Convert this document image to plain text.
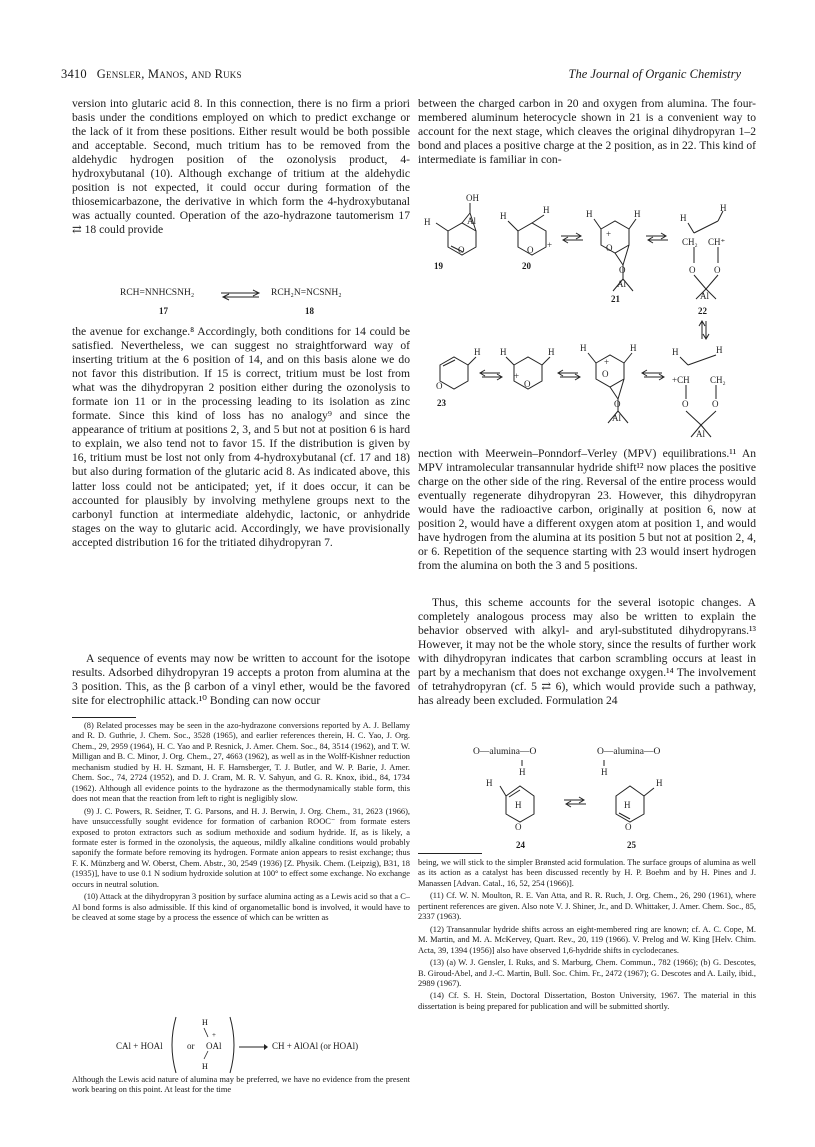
3410 Gensler, Manos, and Ruks	The Journal of Organic Chemistry

version into glutaric acid 8. In this connection, there is no firm a priori basis under the conditions employed on which to predict exchange or the lack of it from these positions. Either result would be both possible and acceptable. Second, much tritium has to be removed from the aldehydic hydrogen position of the ozonolysis product, 4-hydroxybutanal (10). Although exchange of tritium at the aldehydic position is not expected, it could occur during formation of the thiosemicarbazone, the derivative in which form the 4-hydroxybutanal was actually counted. Operation of the azo-hydrazone tautomerism 17 ⇄ 18 could provide

RCH=NNHCSNH₂ ⇌ RCH₂N=NCSNH₂
17	18

the avenue for exchange.⁸ Accordingly, both conditions for 14 could be satisfied. Nevertheless, we can suggest no straightforward way of inserting tritium at the 6 position of 14, and on this basis alone we do not favor this distribution. If 15 is correct, tritium must be lost from what was the dihydropyran 2 position either during the ozonolysis to formate ion 11 or in the processing leading to its isolation as zinc formate. Since this kind of loss has no analogy⁹ and since the appearance of tritium at positions 2, 3, and 5 but not at position 6 is hard to explain, we also tend not to favor 15. If the distribution is given by 16, tritium must be lost not only from 4-hydroxybutanal (cf. 17 and 18) but also during formation of the glutaric acid 8. As indicated above, this latter loss could not be anticipated; yet, if it does occur, it can be accounted for plausibly by involving methylene groups next to the carbonyl function at intermediate aldehydic, lactonic, or anhydride stages on the way to glutaric acid. Accordingly, we have provisionally accepted distribution 16 for the tritiated dihydropyran 7.

A sequence of events may now be written to account for the isotope results. Adsorbed dihydropyran 19 accepts a proton from alumina at the 3 position. This, as the β carbon of a vinyl ether, would be the favored site for electrophilic attack.¹⁰ Bonding can now occur

(8) Related processes may be seen in the azo-hydrazone conversions reported by A. J. Bellamy and R. D. Guthrie, J. Chem. Soc., 3528 (1965), and earlier references therein, H. C. Yao, J. Org. Chem., 29, 2959 (1964), H. C. Yao and P. Resnick, J. Amer. Chem. Soc., 84, 3514 (1962), and T. W. Milligan and B. C. Minor, J. Org. Chem., 27, 4663 (1962), as well as in the Wolff-Kishner reduction mechanism studied by H. H. Szmant, H. F. Harnsberger, T. J. Butler, and W. P. Barie, J. Amer. Chem. Soc., 74, 2724 (1952), and D. J. Cram, M. R. V. Sahyun, and G. R. Knox, ibid., 84, 1734 (1962). Although all evidence points to the hydrazone as the thermodynamically stable form, this does not mean that the reaction from left to right is negligibly slow.

(9) J. C. Powers, R. Seidner, T. G. Parsons, and H. J. Berwin, J. Org. Chem., 31, 2623 (1966), have unsuccessfully sought evidence for formation of carbanion ROOC⁻ from formate esters exposed to proton extractors such as sodium methoxide and sodium hydride. If, as is likely, a formate ester is formed in the ozonolysis, the aqueous, mildly alkaline conditions would probably saponify the formate before removing its hydrogen. Formate anion appears to resist exchange; thus F. K. Münzberg and W. Oberst, Chem. Abstr., 30, 2549 (1936) [Z. Physik. Chem. (Leipzig), B31, 18 (1935)], have to use 0.1 N sodium hydroxide solution at 100° to effect some exchange. No exchange occurs in neutral solution.

(10) Attack at the dihydropyran 3 position by surface alumina acting as a Lewis acid so that a C–Al bond forms is also admissible. If this kind of organometallic bond is involved, it would have to be cleaved at some stage by a process the essence of which can be written as

CAl + HOAl
H
+
H
or OAl → CH + AlOAl (or HOAl)

Although the Lewis acid nature of alumina may be preferred, we have no evidence from the present work bearing on this point. At least for the time

between the charged carbon in 20 and oxygen from alumina. The four-membered aluminum heterocycle shown in 21 is a convenient way to account for the next stage, which cleaves the original dihydropyran 1–2 bond and places a positive charge at the 2 position, as in 22. This kind of intermediate is familiar in con-

H
O
Al
OH
H
H
O +
H	H
O
+
O
Al
H
H
CH₂ CH⁺
O O
Al
O
H H	H
+
O
H	H
O
+
O
Al
H	H
+CH CH₂
O	O
Al
19	20
21
22
23

nection with Meerwein–Ponndorf–Verley (MPV) equilibrations.¹¹ An MPV intramolecular transannular hydride shift¹² now places the positive charge on the other side of the ring. Reversal of the entire process would eventually regenerate dihydropyran 23. However, this dihydropyran would have the radioactive carbon, originally at position 6, now at position 2, would have a different oxygen atom at position 1, and would have hydrogen from the alumina at its position 5 but not at position 2, 4, or 6. Repetition of the sequence starting with 23 would insert hydrogen from the alumina on both the 3 and 5 positions.

Thus, this scheme accounts for the several isotopic changes. A completely analogous process may also be written to explain the behavior observed with alkyl- and aryl-substituted dihydropyrans.¹³ However, it may not be the whole story, since the results of further work with dihydropyran indicates that carbon scrambling occurs at least in part by a mechanism that does not exchange oxygen.¹⁴ The involvement of tetrahydropyran (cf. 5 ⇄ 6), which would provide such a pathway, has already been excluded. Formulation 24

O—alumina—O	O—alumina—O
H
H
H
O
H
H
H
O
24	25

being, we will stick to the simpler Brønsted acid formulation. The surface groups of alumina as well as its action as a catalyst has been discussed recently by H. P. Boehm and by H. Pines and J. Manassen [Advan. Catal., 16, 52, 254 (1966)].

(11) Cf. W. N. Moulton, R. E. Van Atta, and R. R. Ruch, J. Org. Chem., 26, 290 (1961), where pertinent references are given. Also note V. J. Shiner, Jr., and D. Whittaker, J. Amer. Chem. Soc., 85, 2337 (1963).

(12) Transannular hydride shifts across an eight-membered ring are known; cf. A. C. Cope, M. M. Martin, and M. A. McKervey, Quart. Rev., 20, 119 (1966). V. Prelog and W. King [Helv. Chim. Acta, 39, 1394 (1956)] also have observed 1,6-hydride shifts in cyclodecanes.

(13) (a) W. J. Gensler, I. Ruks, and S. Marburg, Chem. Commun., 782 (1966); (b) G. Descotes, B. Giroud-Abel, and J.-C. Martin, Bull. Soc. Chim. Fr., 2472 (1967); G. Descotes and A. Laily, ibid., 2989 (1967).

(14) Cf. S. H. Stein, Doctoral Dissertation, Boston University, 1967. The material in this dissertation is being prepared for publication and will be submitted shortly.
